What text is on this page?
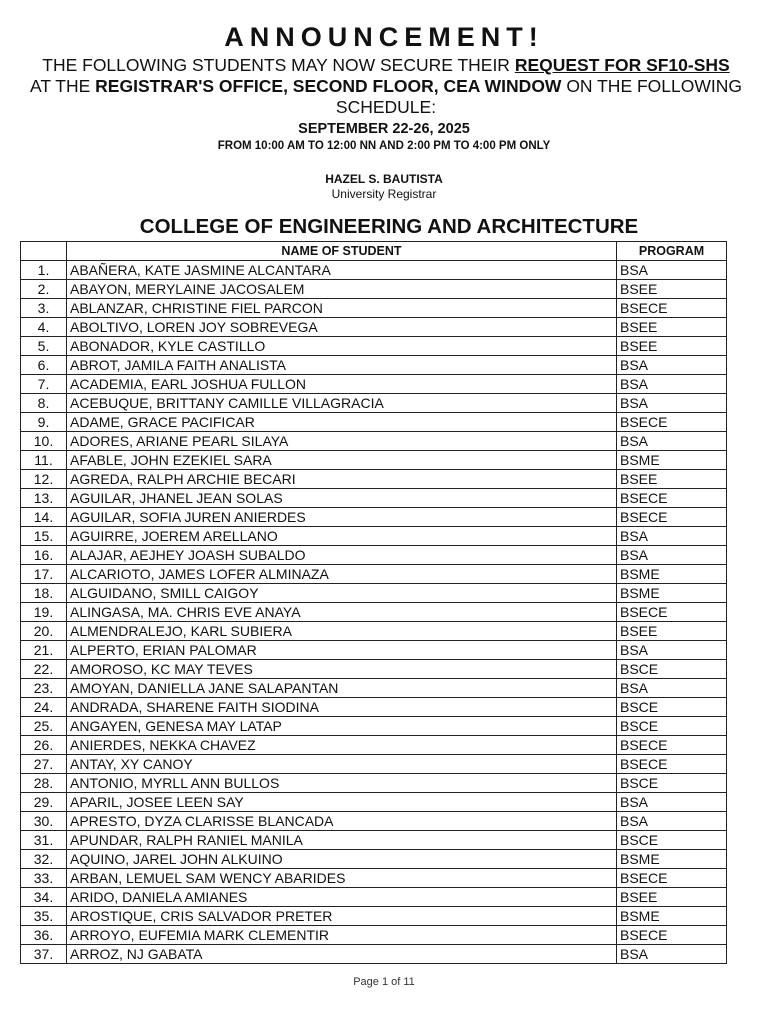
ANNOUNCEMENT!
THE FOLLOWING STUDENTS MAY NOW SECURE THEIR REQUEST FOR SF10-SHS AT THE REGISTRAR'S OFFICE, SECOND FLOOR, CEA WINDOW ON THE FOLLOWING SCHEDULE:
SEPTEMBER 22-26, 2025
FROM 10:00 AM TO 12:00 NN AND 2:00 PM TO 4:00 PM ONLY
HAZEL S. BAUTISTA
University Registrar
COLLEGE OF ENGINEERING AND ARCHITECTURE
	NAME OF STUDENT	PROGRAM
1.	ABAÑERA, KATE JASMINE ALCANTARA	BSA
2.	ABAYON, MERYLAINE JACOSALEM	BSEE
3.	ABLANZAR, CHRISTINE FIEL PARCON	BSECE
4.	ABOLTIVO, LOREN JOY SOBREVEGA	BSEE
5.	ABONADOR, KYLE CASTILLO	BSEE
6.	ABROT, JAMILA FAITH ANALISTA	BSA
7.	ACADEMIA, EARL JOSHUA FULLON	BSA
8.	ACEBUQUE, BRITTANY CAMILLE VILLAGRACIA	BSA
9.	ADAME, GRACE PACIFICAR	BSECE
10.	ADORES, ARIANE PEARL SILAYA	BSA
11.	AFABLE, JOHN EZEKIEL SARA	BSME
12.	AGREDA, RALPH ARCHIE BECARI	BSEE
13.	AGUILAR, JHANEL JEAN SOLAS	BSECE
14.	AGUILAR, SOFIA JUREN ANIERDES	BSECE
15.	AGUIRRE, JOEREM ARELLANO	BSA
16.	ALAJAR, AEJHEY JOASH SUBALDO	BSA
17.	ALCARIOTO, JAMES LOFER ALMINAZA	BSME
18.	ALGUIDANO, SMILL CAIGOY	BSME
19.	ALINGASA, MA. CHRIS EVE ANAYA	BSECE
20.	ALMENDRALEJO, KARL SUBIERA	BSEE
21.	ALPERTO, ERIAN PALOMAR	BSA
22.	AMOROSO, KC MAY TEVES	BSCE
23.	AMOYAN, DANIELLA JANE SALAPANTAN	BSA
24.	ANDRADA, SHARENE FAITH SIODINA	BSCE
25.	ANGAYEN, GENESA MAY LATAP	BSCE
26.	ANIERDES, NEKKA CHAVEZ	BSECE
27.	ANTAY, XY CANOY	BSECE
28.	ANTONIO, MYRLL ANN BULLOS	BSCE
29.	APARIL, JOSEE LEEN SAY	BSA
30.	APRESTO, DYZA CLARISSE BLANCADA	BSA
31.	APUNDAR, RALPH RANIEL MANILA	BSCE
32.	AQUINO, JAREL JOHN ALKUINO	BSME
33.	ARBAN, LEMUEL SAM WENCY ABARIDES	BSECE
34.	ARIDO, DANIELA AMIANES	BSEE
35.	AROSTIQUE, CRIS SALVADOR PRETER	BSME
36.	ARROYO, EUFEMIA MARK CLEMENTIR	BSECE
37.	ARROZ, NJ GABATA	BSA
Page 1 of 11
